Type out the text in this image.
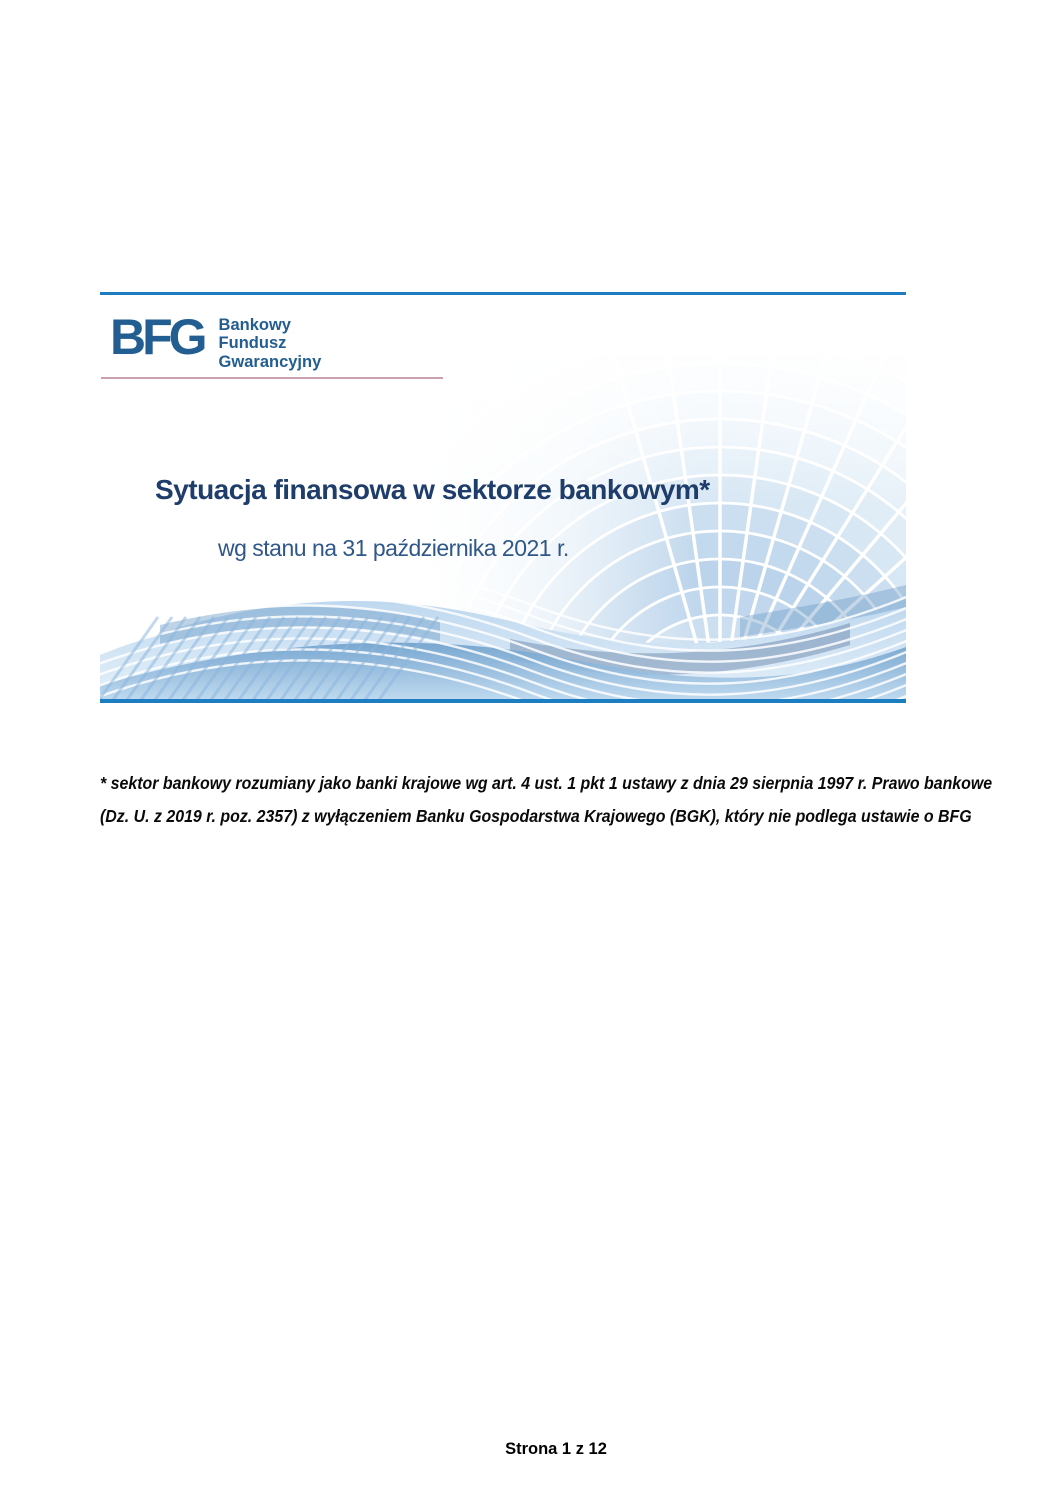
BFG Bankowy
Fundusz
Gwarancyjny
Sytuacja finansowa w sektorze bankowym*
wg stanu na 31 października 2021 r.
* sektor bankowy rozumiany jako banki krajowe wg art. 4 ust. 1 pkt 1 ustawy z dnia 29 sierpnia 1997 r. Prawo bankowe
(Dz. U. z 2019 r. poz. 2357) z wyłączeniem Banku Gospodarstwa Krajowego (BGK), który nie podlega ustawie o BFG
Strona 1 z 12
